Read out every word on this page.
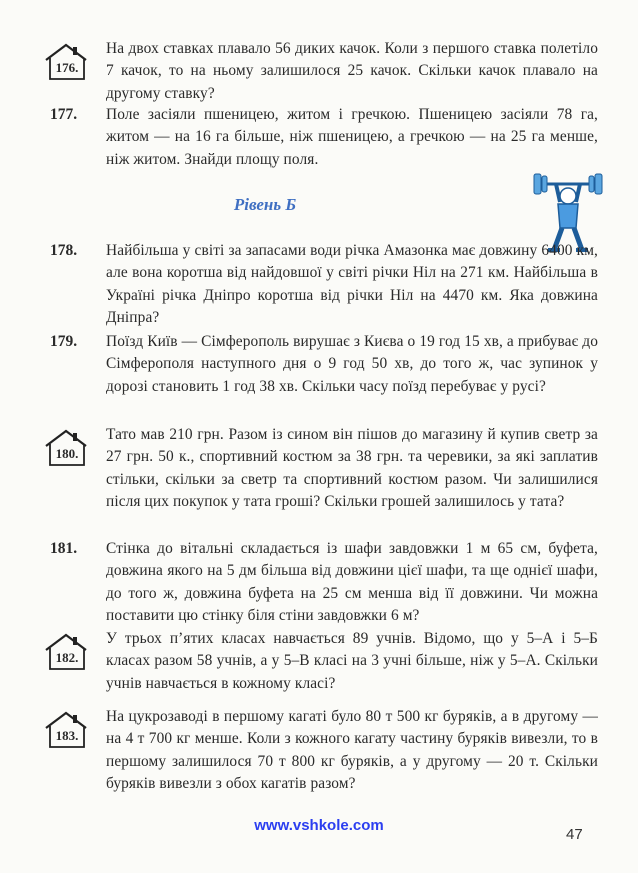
176.
На двох ставках плавало 56 диких качок. Коли з першого ставка полетіло 7 качок, то на ньому залишилося 25 качок. Скільки качок плавало на другому ставку?
177. Поле засіяли пшеницею, житом і гречкою. Пшеницею засіяли 78 га, житом — на 16 га більше, ніж пшеницею, а гречкою — на 25 га менше, ніж житом. Знайди площу поля.
Рівень Б
178. Найбільша у світі за запасами води річка Амазонка має довжину 6400 км, але вона коротша від найдовшої у світі річки Ніл на 271 км. Найбільша в Україні річка Дніпро коротша від річки Ніл на 4470 км. Яка довжина Дніпра?
179. Поїзд Київ — Сімферополь вирушає з Києва о 19 год 15 хв, а прибуває до Сімферополя наступного дня о 9 год 50 хв, до того ж, час зупинок у дорозі становить 1 год 38 хв. Скільки часу поїзд перебуває у русі?
180.
Тато мав 210 грн. Разом із сином він пішов до магазину й купив светр за 27 грн. 50 к., спортивний костюм за 38 грн. та черевики, за які заплатив стільки, скільки за светр та спортивний костюм разом. Чи залишилися після цих покупок у тата гроші? Скільки грошей залишилось у тата?
181. Стінка до вітальні складається із шафи завдовжки 1 м 65 см, буфета, довжина якого на 5 дм більша від довжини цієї шафи, та ще однієї шафи, до того ж, довжина буфета на 25 см менша від її довжини. Чи можна поставити цю стінку біля стіни завдовжки 6 м?
182.
У трьох п’ятих класах навчається 89 учнів. Відомо, що у 5–А і 5–Б класах разом 58 учнів, а у 5–В класі на 3 учні більше, ніж у 5–А. Скільки учнів навчається в кожному класі?
183.
На цукрозаводі в першому кагаті було 80 т 500 кг буряків, а в другому — на 4 т 700 кг менше. Коли з кожного кагату частину буряків вивезли, то в першому залишилося 70 т 800 кг буряків, а у другому — 20 т. Скільки буряків вивезли з обох кагатів разом?
www.vshkole.com
47
